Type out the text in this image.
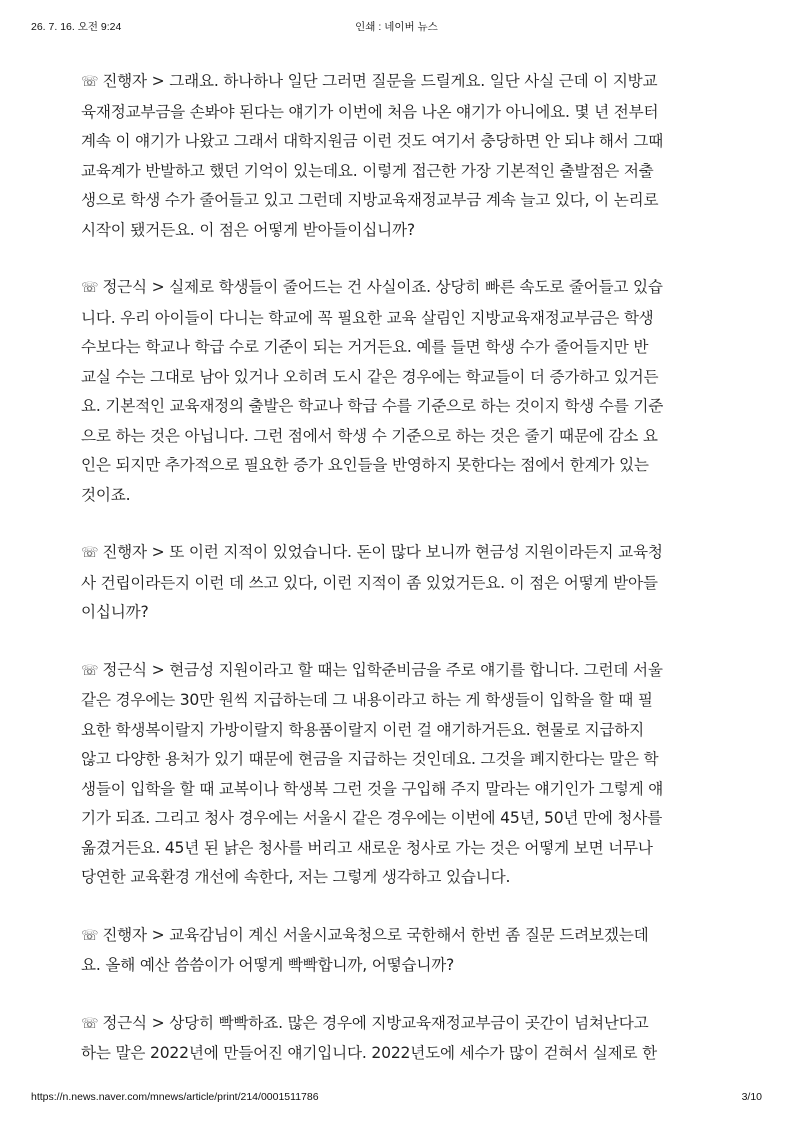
26. 7. 16. 오전 9:24	인쇄 : 네이버 뉴스
☏ 진행자 > 그래요. 하나하나 일단 그러면 질문을 드릴게요. 일단 사실 근데 이 지방교
육재정교부금을 손봐야 된다는 얘기가 이번에 처음 나온 얘기가 아니에요. 몇 년 전부터
계속 이 얘기가 나왔고 그래서 대학지원금 이런 것도 여기서 충당하면 안 되냐 해서 그때
교육계가 반발하고 했던 기억이 있는데요. 이렇게 접근한 가장 기본적인 출발점은 저출
생으로 학생 수가 줄어들고 있고 그런데 지방교육재정교부금 계속 늘고 있다, 이 논리로
시작이 됐거든요. 이 점은 어떻게 받아들이십니까?
☏ 정근식 > 실제로 학생들이 줄어드는 건 사실이죠. 상당히 빠른 속도로 줄어들고 있습
니다. 우리 아이들이 다니는 학교에 꼭 필요한 교육 살림인 지방교육재정교부금은 학생
수보다는 학교나 학급 수로 기준이 되는 거거든요. 예를 들면 학생 수가 줄어들지만 반
교실 수는 그대로 남아 있거나 오히려 도시 같은 경우에는 학교들이 더 증가하고 있거든
요. 기본적인 교육재정의 출발은 학교나 학급 수를 기준으로 하는 것이지 학생 수를 기준
으로 하는 것은 아닙니다. 그런 점에서 학생 수 기준으로 하는 것은 줄기 때문에 감소 요
인은 되지만 추가적으로 필요한 증가 요인들을 반영하지 못한다는 점에서 한계가 있는
것이죠.
☏ 진행자 > 또 이런 지적이 있었습니다. 돈이 많다 보니까 현금성 지원이라든지 교육청
사 건립이라든지 이런 데 쓰고 있다, 이런 지적이 좀 있었거든요. 이 점은 어떻게 받아들
이십니까?
☏ 정근식 > 현금성 지원이라고 할 때는 입학준비금을 주로 얘기를 합니다. 그런데 서울
같은 경우에는 30만 원씩 지급하는데 그 내용이라고 하는 게 학생들이 입학을 할 때 필
요한 학생복이랄지 가방이랄지 학용품이랄지 이런 걸 얘기하거든요. 현물로 지급하지
않고 다양한 용처가 있기 때문에 현금을 지급하는 것인데요. 그것을 폐지한다는 말은 학
생들이 입학을 할 때 교복이나 학생복 그런 것을 구입해 주지 말라는 얘기인가 그렇게 얘
기가 되죠. 그리고 청사 경우에는 서울시 같은 경우에는 이번에 45년, 50년 만에 청사를
옮겼거든요. 45년 된 낡은 청사를 버리고 새로운 청사로 가는 것은 어떻게 보면 너무나
당연한 교육환경 개선에 속한다, 저는 그렇게 생각하고 있습니다.
☏ 진행자 > 교육감님이 계신 서울시교육청으로 국한해서 한번 좀 질문 드려보겠는데
요. 올해 예산 씀씀이가 어떻게 빡빡합니까, 어떻습니까?
☏ 정근식 > 상당히 빡빡하죠. 많은 경우에 지방교육재정교부금이 곳간이 넘쳐난다고
하는 말은 2022년에 만들어진 얘기입니다. 2022년도에 세수가 많이 걷혀서 실제로 한
https://n.news.naver.com/mnews/article/print/214/0001511786	3/10
